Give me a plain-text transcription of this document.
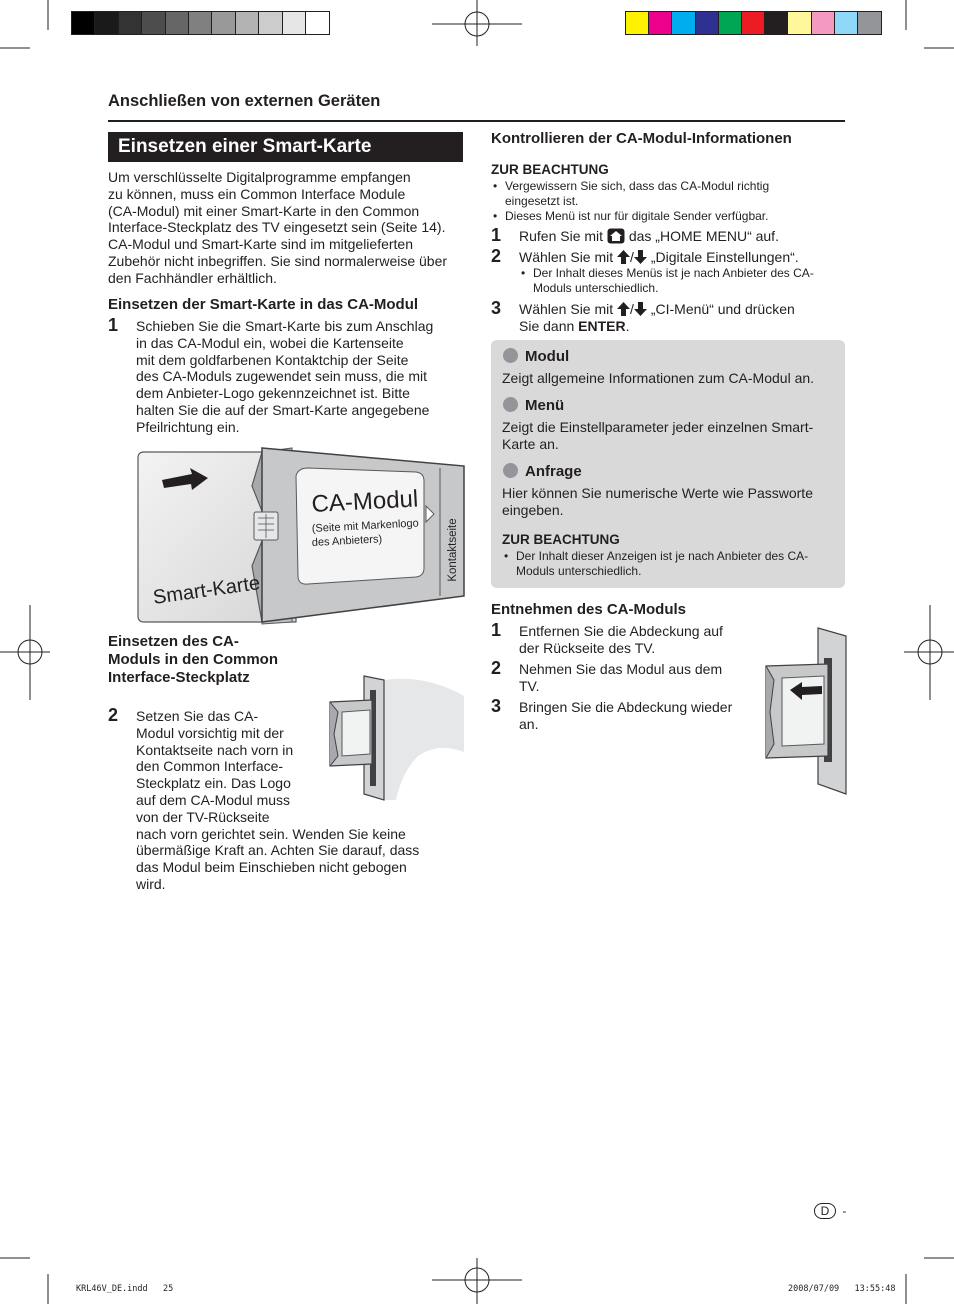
Anschließen von externen Geräten
Einsetzen einer Smart-Karte
Um verschlüsselte Digitalprogramme empfangen
zu können, muss ein Common Interface Module
(CA-Modul) mit einer Smart-Karte in den Common
Interface-Steckplatz des TV eingesetzt sein (Seite 14).
CA-Modul und Smart-Karte sind im mitgelieferten
Zubehör nicht inbegriffen. Sie sind normalerweise über
den Fachhändler erhältlich.
Einsetzen der Smart-Karte in das CA-Modul
1 Schieben Sie die Smart-Karte bis zum Anschlag
in das CA-Modul ein, wobei die Kartenseite
mit dem goldfarbenen Kontaktchip der Seite
des CA-Moduls zugewendet sein muss, die mit
dem Anbieter-Logo gekennzeichnet ist. Bitte
halten Sie die auf der Smart-Karte angegebene
Pfeilrichtung ein.
CA-Modul
(Seite mit Markenlogo
des Anbieters)	Kontaktseite
Smart-Karte
Einsetzen des CA-
Moduls in den Common
Interface-Steckplatz
2 Setzen Sie das CA-
Modul vorsichtig mit der
Kontaktseite nach vorn in
den Common Interface-
Steckplatz ein. Das Logo
auf dem CA-Modul muss
von der TV-Rückseite
nach vorn gerichtet sein. Wenden Sie keine
übermäßige Kraft an. Achten Sie darauf, dass
das Modul beim Einschieben nicht gebogen
wird.
Kontrollieren der CA-Modul-Informationen
ZUR BEACHTUNG
• Vergewissern Sie sich, dass das CA-Modul richtig
eingesetzt ist.
• Dieses Menü ist nur für digitale Sender verfügbar.
1 Rufen Sie mit das „HOME MENU“ auf.
2 Wählen Sie mit / „Digitale Einstellungen“.
• Der Inhalt dieses Menüs ist je nach Anbieter des CA-
Moduls unterschiedlich.
3 Wählen Sie mit / „CI-Menü“ und drücken
Sie dann ENTER.
Modul
Zeigt allgemeine Informationen zum CA-Modul an.
Menü
Zeigt die Einstellparameter jeder einzelnen Smart-
Karte an.
Anfrage
Hier können Sie numerische Werte wie Passworte
eingeben.
ZUR BEACHTUNG
• Der Inhalt dieser Anzeigen ist je nach Anbieter des CA-
Moduls unterschiedlich.
Entnehmen des CA-Moduls
1 Entfernen Sie die Abdeckung auf
der Rückseite des TV.
2 Nehmen Sie das Modul aus dem
TV.
3 Bringen Sie die Abdeckung wieder
an.
D -
KRL46V_DE.indd   25	2008/07/09   13:55:48
